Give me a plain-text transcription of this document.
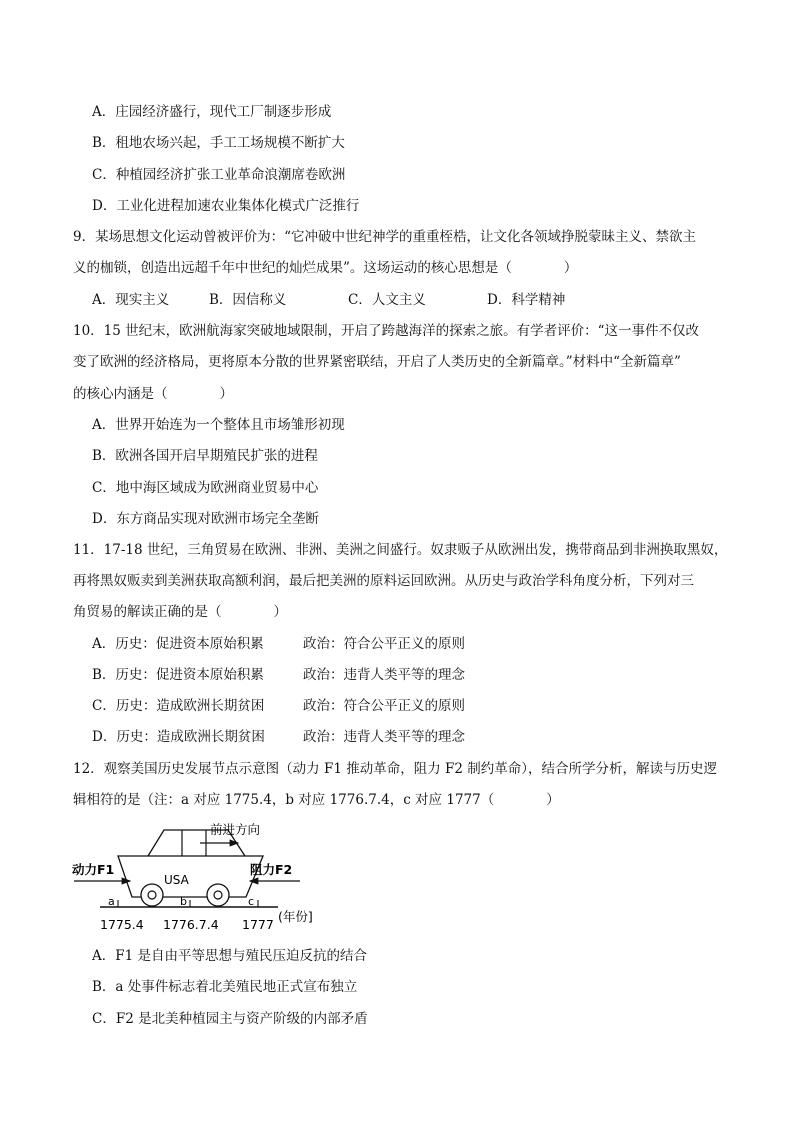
A．庄园经济盛行，现代工厂制逐步形成
B．租地农场兴起，手工工场规模不断扩大
C．种植园经济扩张工业革命浪潮席卷欧洲
D．工业化进程加速农业集体化模式广泛推行
9．某场思想文化运动曾被评价为：“它冲破中世纪神学的重重桎梏，让文化各领域挣脱蒙昧主义、禁欲主
义的枷锁，创造出远超千年中世纪的灿烂成果”。这场运动的核心思想是（	）
A．现实主义	B．因信称义	C．人文主义	D．科学精神
10．15 世纪末，欧洲航海家突破地域限制，开启了跨越海洋的探索之旅。有学者评价：“这一事件不仅改
变了欧洲的经济格局，更将原本分散的世界紧密联结，开启了人类历史的全新篇章。”材料中“全新篇章”
的核心内涵是（	）
A．世界开始连为一个整体且市场雏形初现
B．欧洲各国开启早期殖民扩张的进程
C．地中海区域成为欧洲商业贸易中心
D．东方商品实现对欧洲市场完全垄断
11．17-18 世纪，三角贸易在欧洲、非洲、美洲之间盛行。奴隶贩子从欧洲出发，携带商品到非洲换取黑奴，
再将黑奴贩卖到美洲获取高额利润，最后把美洲的原料运回欧洲。从历史与政治学科角度分析，下列对三
角贸易的解读正确的是（	）
A．历史：促进资本原始积累	政治：符合公平正义的原则
B．历史：促进资本原始积累	政治：违背人类平等的理念
C．历史：造成欧洲长期贫困	政治：符合公平正义的原则
D．历史：造成欧洲长期贫困	政治：违背人类平等的理念
12．观察美国历史发展节点示意图（动力 F1 推动革命，阻力 F2 制约革命），结合所学分析，解读与历史逻
辑相符的是（注：a 对应 1775.4，b 对应 1776.7.4，c 对应 1777（	）
USA
前进方向
动力F1	阻力F2
a	b	c
1775.4 1776.7.4 1777
(年份]
A．F1 是自由平等思想与殖民压迫反抗的结合
B．a 处事件标志着北美殖民地正式宣布独立
C．F2 是北美种植园主与资产阶级的内部矛盾
